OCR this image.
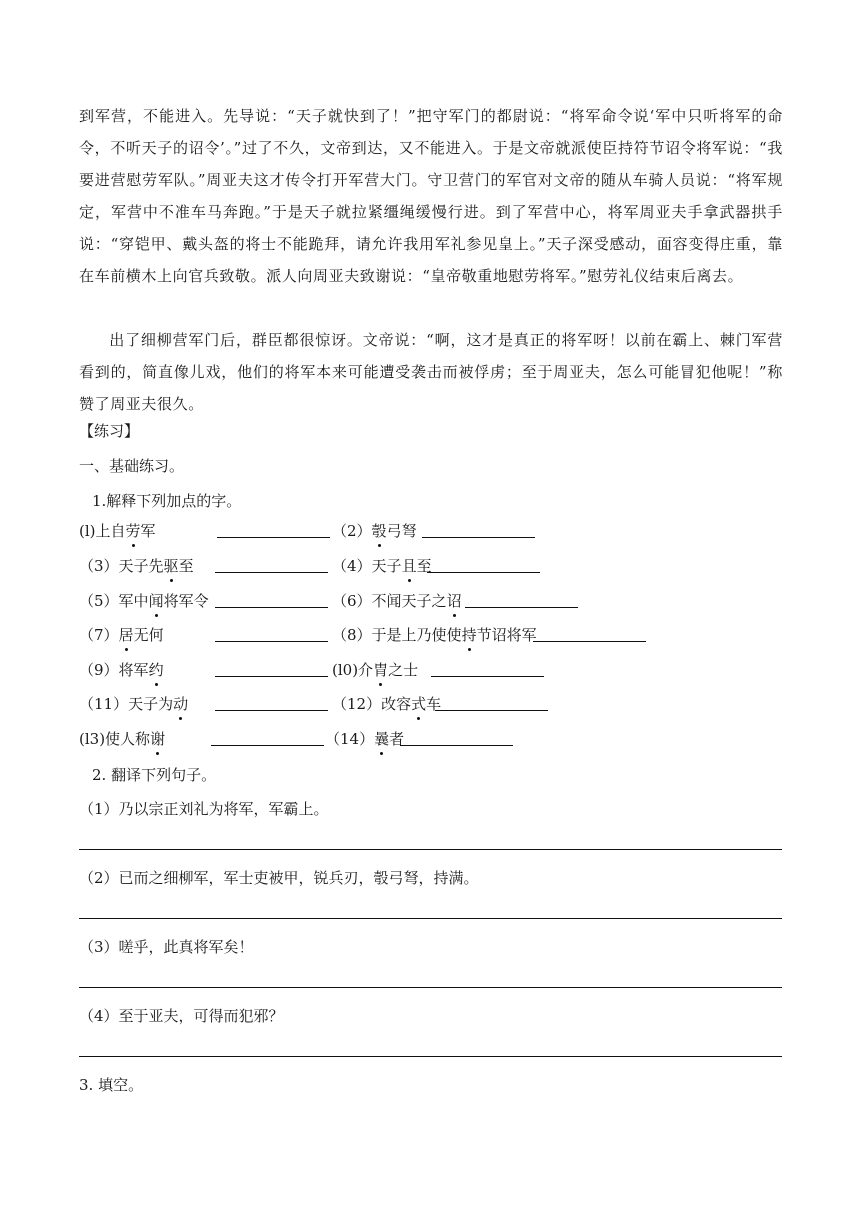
到军营，不能进入。先导说：“天子就快到了！”把守军门的都尉说：“将军命令说‘军中只听将军的命令，不听天子的诏令’。”过了不久，文帝到达，又不能进入。于是文帝就派使臣持符节诏令将军说：“我要进营慰劳军队。”周亚夫这才传令打开军营大门。守卫营门的军官对文帝的随从车骑人员说：“将军规定，军营中不准车马奔跑。”于是天子就拉紧缰绳缓慢行进。到了军营中心，将军周亚夫手拿武器拱手说：“穿铠甲、戴头盔的将士不能跪拜，请允许我用军礼参见皇上。”天子深受感动，面容变得庄重，靠在车前横木上向官兵致敬。派人向周亚夫致谢说：“皇帝敬重地慰劳将军。”慰劳礼仪结束后离去。

出了细柳营军门后，群臣都很惊讶。文帝说：“啊，这才是真正的将军呀！以前在霸上、棘门军营看到的，简直像儿戏，他们的将军本来可能遭受袭击而被俘虏；至于周亚夫，怎么可能冒犯他呢！”称赞了周亚夫很久。

【练习】

一、基础练习。

1.解释下列加点的字。

(l)上自劳军	（2）彀弓弩
（3）天子先驱至	（4）天子且至
（5）军中闻将军令	（6）不闻天子之诏
（7）居无何	（8）于是上乃使使持节诏将军
（9）将军约	(l0)介胄之士
（11）天子为动	（12）改容式车
(l3)使人称谢	（14）曩者

2. 翻译下列句子。

（1）乃以宗正刘礼为将军，军霸上。

（2）已而之细柳军，军士吏被甲，锐兵刃，彀弓弩，持满。

（3）嗟乎，此真将军矣！

（4）至于亚夫，可得而犯邪？

3. 填空。
